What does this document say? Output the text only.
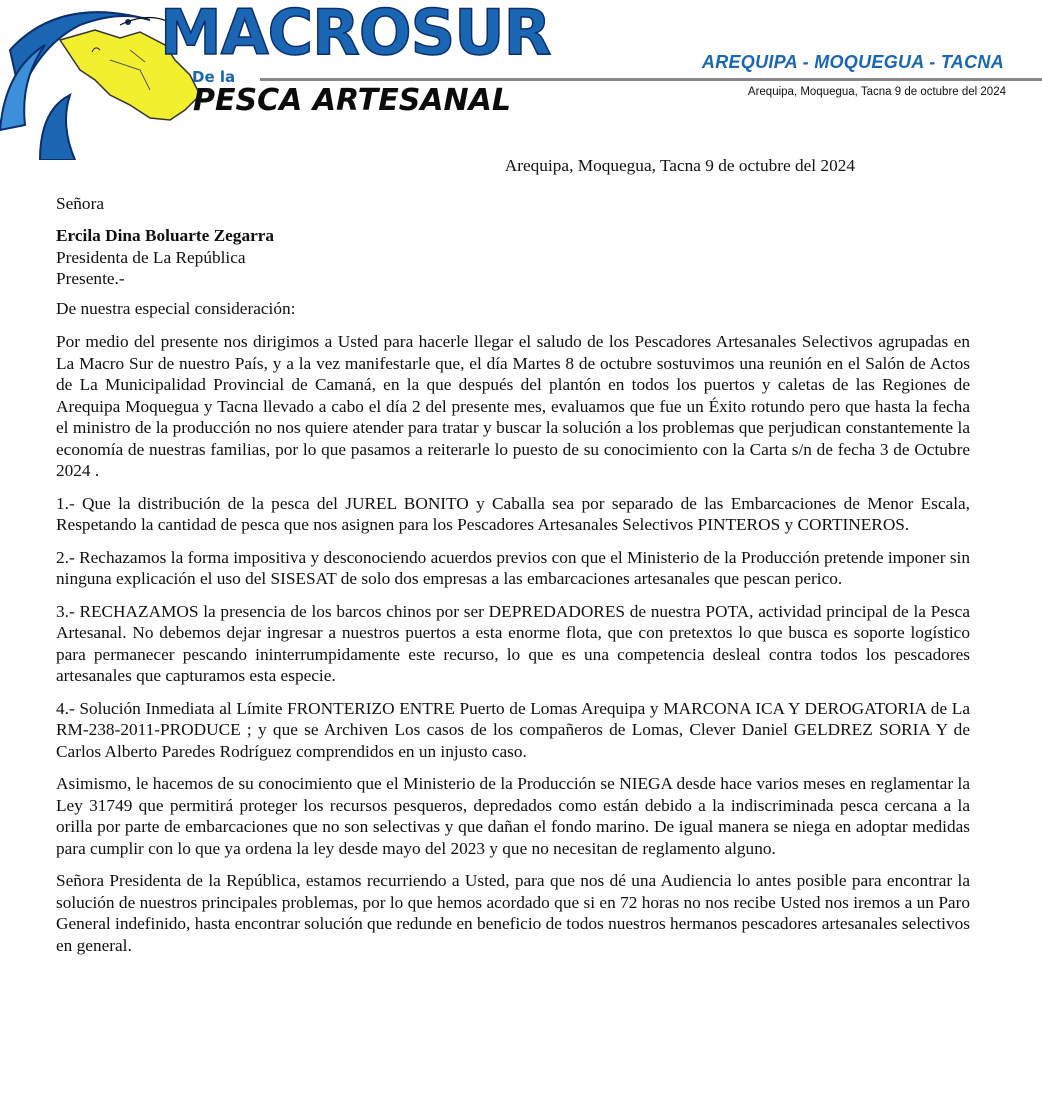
MACROSUR

De la
PESCA ARTESANAL
AREQUIPA - MOQUEGUA - TACNA
Arequipa, Moquegua, Tacna 9 de octubre del 2024

Arequipa, Moquegua, Tacna 9 de octubre del 2024

Señora

Ercila Dina Boluarte Zegarra

Presidenta de La República

Presente.-

De nuestra especial consideración:

Por medio del presente nos dirigimos a Usted para hacerle llegar el saludo de los Pescadores Artesanales Selectivos agrupadas en La Macro Sur de nuestro País, y a la vez manifestarle que, el día Martes 8 de octubre sostuvimos una reunión en el Salón de Actos de La Municipalidad Provincial de Camaná, en la que después del plantón en todos los puertos y caletas de las Regiones de Arequipa Moquegua y Tacna llevado a cabo el día 2 del presente mes, evaluamos que fue un Éxito rotundo pero que hasta la fecha el ministro de la producción no nos quiere atender para tratar y buscar la solución a los problemas que perjudican constantemente la economía de nuestras familias, por lo que pasamos a reiterarle lo puesto de su conocimiento con la Carta s/n de fecha 3 de Octubre 2024 .

1.- Que la distribución de la pesca del JUREL BONITO y Caballa sea por separado de las Embarcaciones de Menor Escala, Respetando la cantidad de pesca que nos asignen para los Pescadores Artesanales Selectivos PINTEROS y CORTINEROS.

2.- Rechazamos la forma impositiva y desconociendo acuerdos previos con que el Ministerio de la Producción pretende imponer sin ninguna explicación el uso del SISESAT de solo dos empresas a las embarcaciones artesanales que pescan perico.

3.- RECHAZAMOS la presencia de los barcos chinos por ser DEPREDADORES de nuestra POTA, actividad principal de la Pesca Artesanal. No debemos dejar ingresar a nuestros puertos a esta enorme flota, que con pretextos lo que busca es soporte logístico para permanecer pescando ininterrumpidamente este recurso, lo que es una competencia desleal contra todos los pescadores artesanales que capturamos esta especie.

4.- Solución Inmediata al Límite FRONTERIZO ENTRE Puerto de Lomas Arequipa y MARCONA ICA Y DEROGATORIA de La RM-238-2011-PRODUCE ; y que se Archiven Los casos de los compañeros de Lomas, Clever Daniel GELDREZ SORIA Y de Carlos Alberto Paredes Rodríguez comprendidos en un injusto caso.

Asimismo, le hacemos de su conocimiento que el Ministerio de la Producción se NIEGA desde hace varios meses en reglamentar la Ley 31749 que permitirá proteger los recursos pesqueros, depredados como están debido a la indiscriminada pesca cercana a la orilla por parte de embarcaciones que no son selectivas y que dañan el fondo marino. De igual manera se niega en adoptar medidas para cumplir con lo que ya ordena la ley desde mayo del 2023 y que no necesitan de reglamento alguno.

Señora Presidenta de la República, estamos recurriendo a Usted, para que nos dé una Audiencia lo antes posible para encontrar la solución de nuestros principales problemas, por lo que hemos acordado que si en 72 horas no nos recibe Usted nos iremos a un Paro General indefinido, hasta encontrar solución que redunde en beneficio de todos nuestros hermanos pescadores artesanales selectivos en general.
